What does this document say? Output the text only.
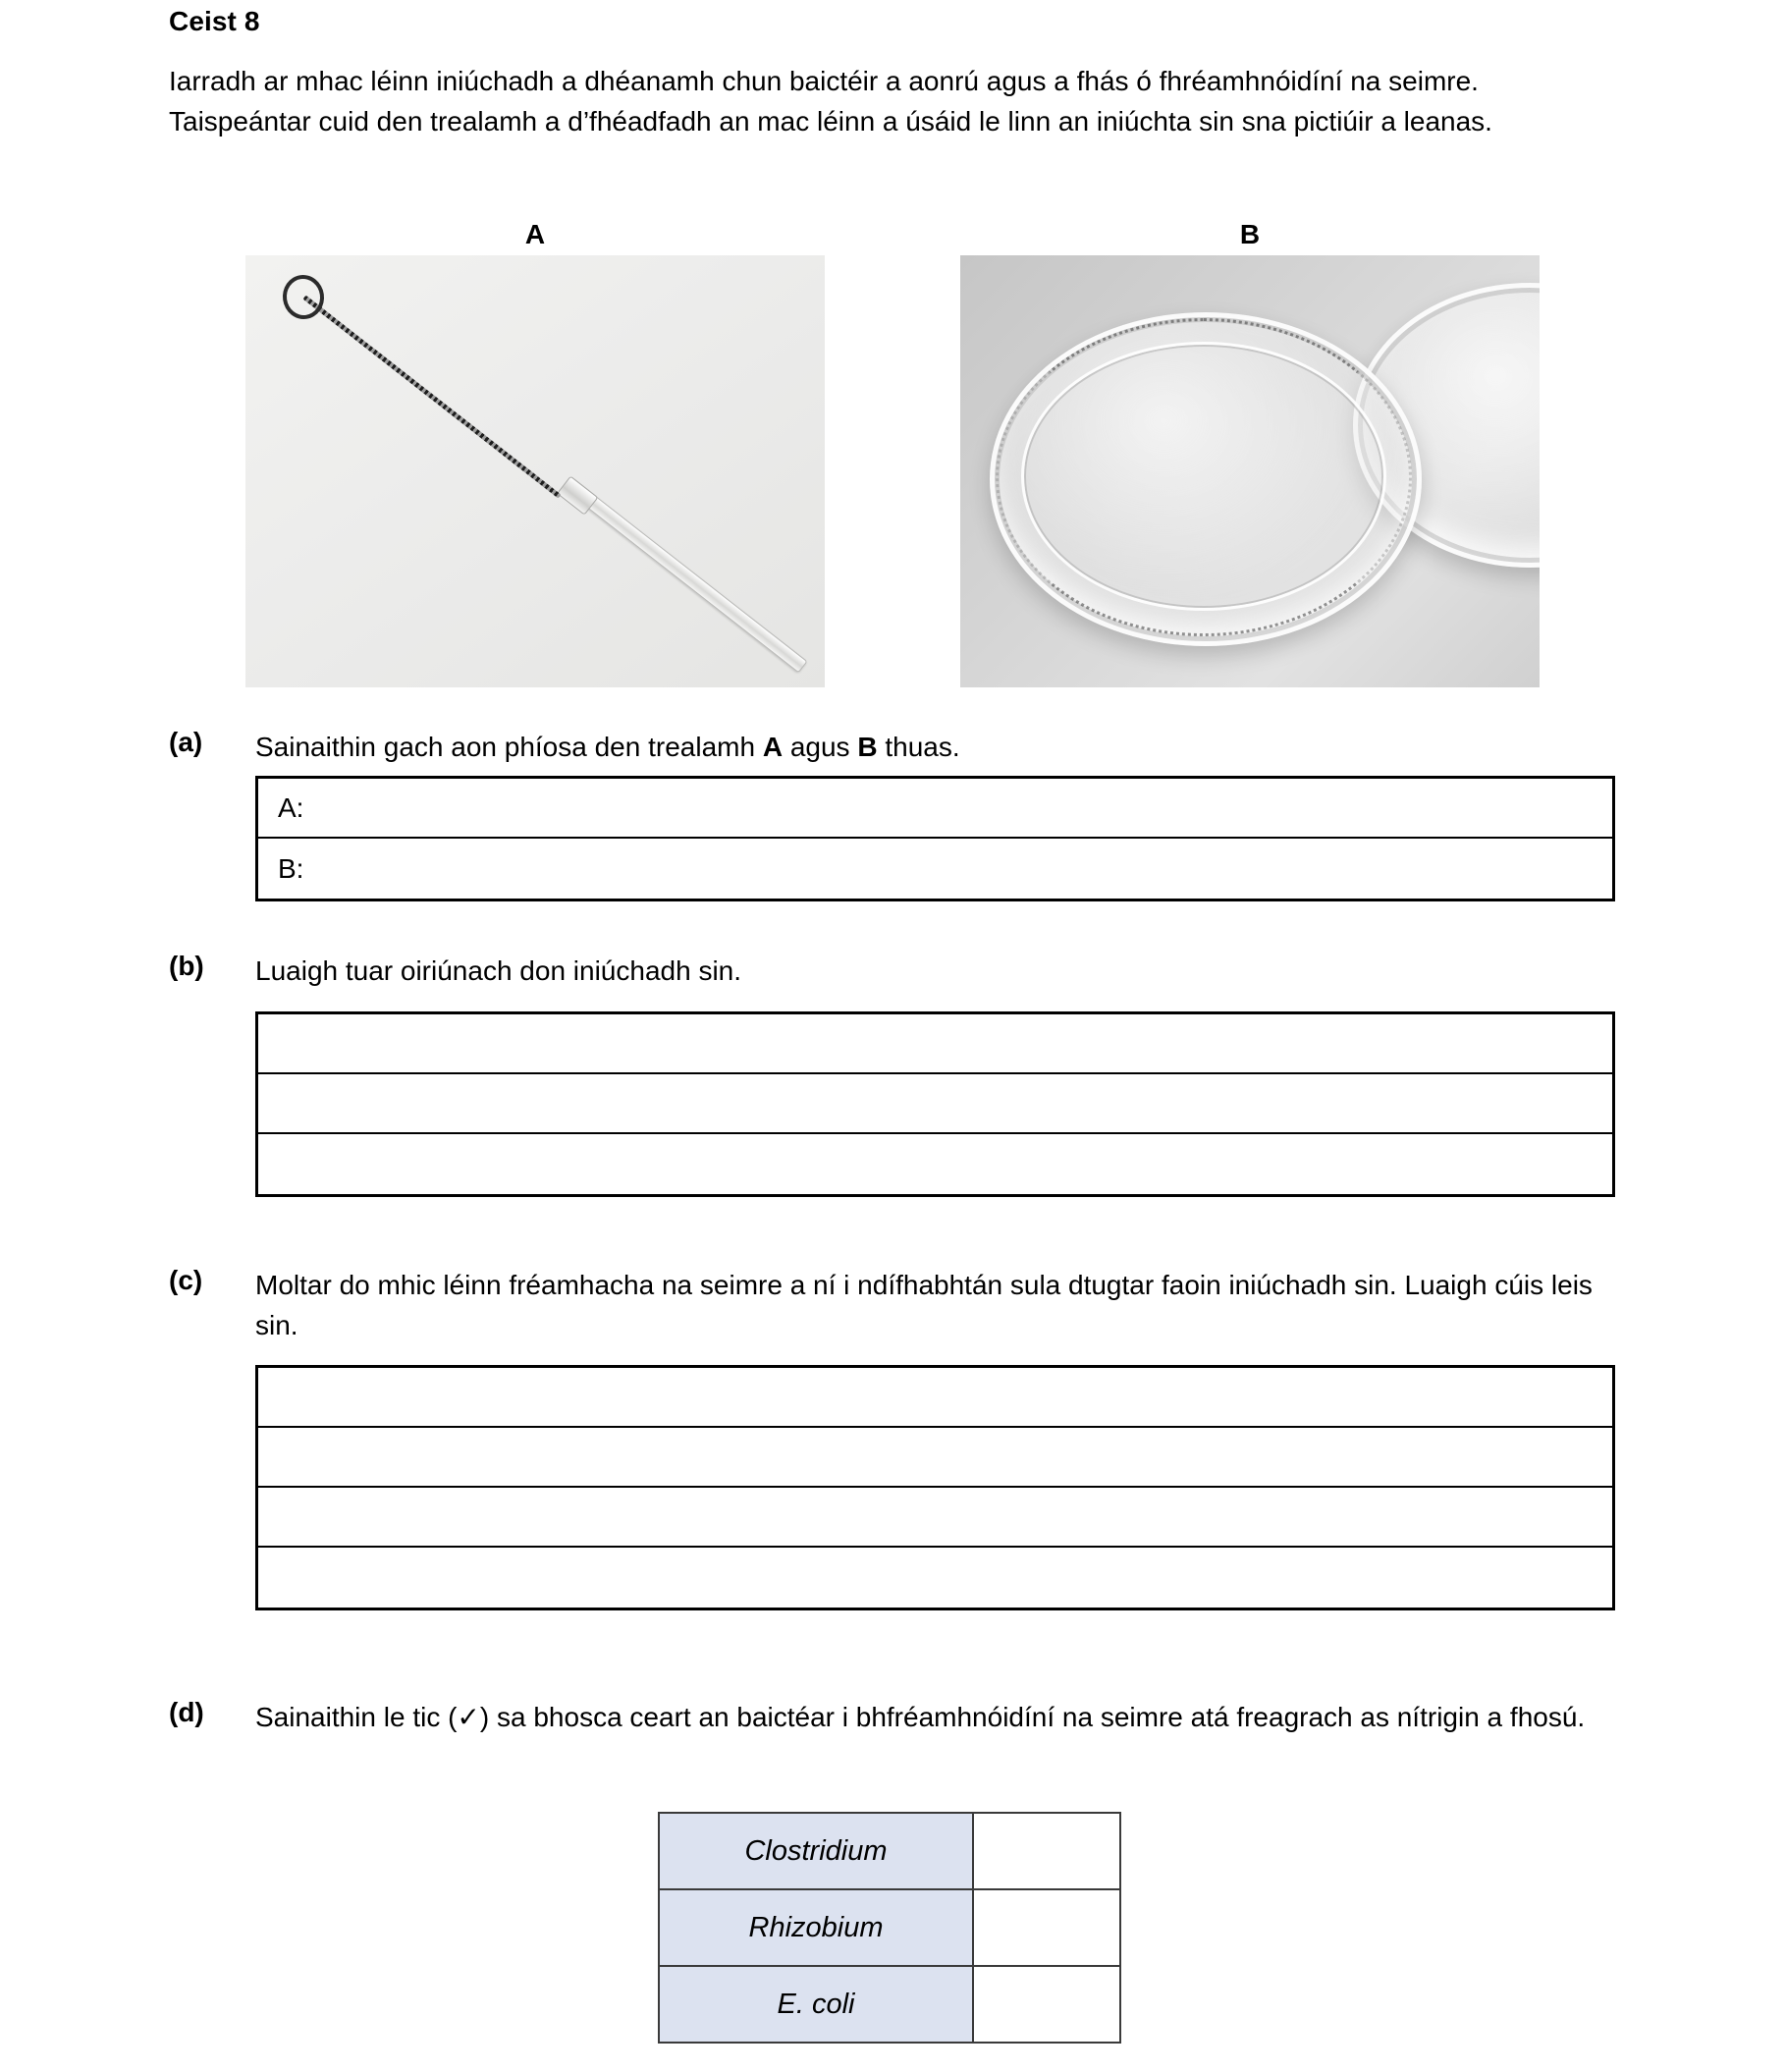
Ceist 8
Iarradh ar mhac léinn iniúchadh a dhéanamh chun baictéir a aonrú agus a fhás ó fhréamhnóidíní na seimre. Taispeántar cuid den trealamh a d’fhéadfadh an mac léinn a úsáid le linn an iniúchta sin sna pictiúir a leanas.
A	B
(a) Sainaithin gach aon phíosa den trealamh A agus B thuas.
A:
B:
(b) Luaigh tuar oiriúnach don iniúchadh sin.
(c) Moltar do mhic léinn fréamhacha na seimre a ní i ndífhabhtán sula dtugtar faoin iniúchadh sin. Luaigh cúis leis sin.
(d) Sainaithin le tic (✓) sa bhosca ceart an baictéar i bhfréamhnóidíní na seimre atá freagrach as nítrigin a fhosú.
Clostridium	
Rhizobium	
E. coli	
